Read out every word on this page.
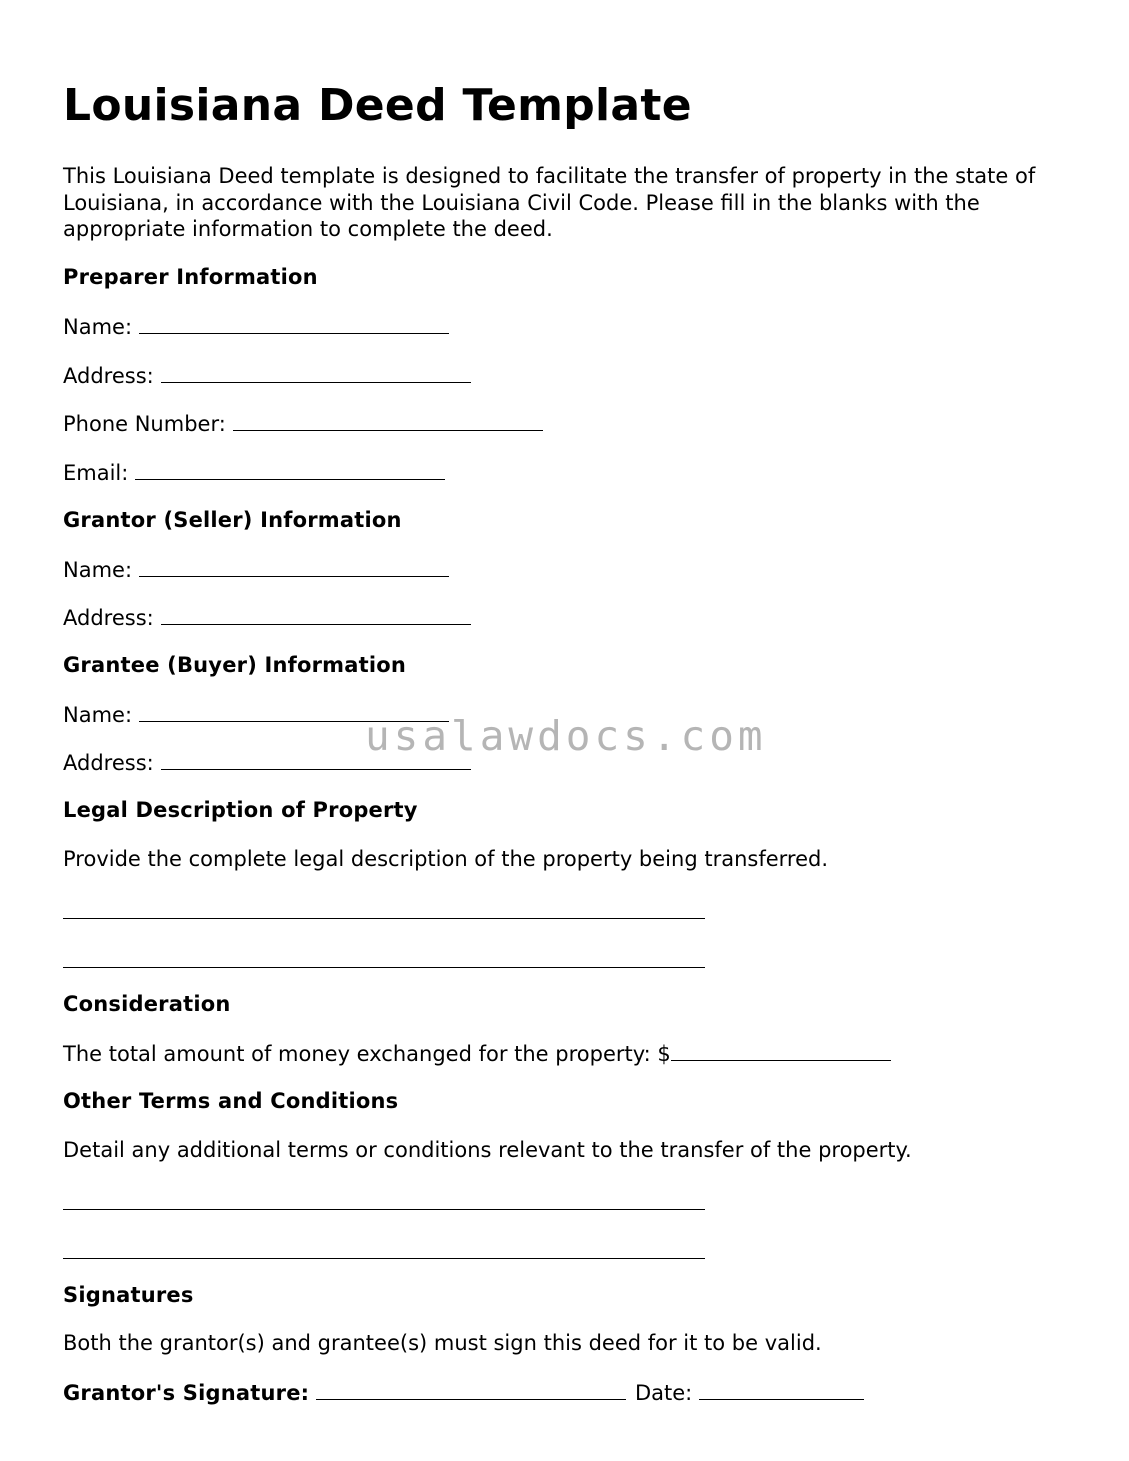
Louisiana Deed Template

This Louisiana Deed template is designed to facilitate the transfer of property in the state of Louisiana, in accordance with the Louisiana Civil Code. Please fill in the blanks with the appropriate information to complete the deed.

Preparer Information
Name:
Address:
Phone Number:
Email:
Grantor (Seller) Information
Name:
Address:
Grantee (Buyer) Information
Name:
Address:
Legal Description of Property
Provide the complete legal description of the property being transferred.
Consideration
The total amount of money exchanged for the property: $
Other Terms and Conditions
Detail any additional terms or conditions relevant to the transfer of the property.
Signatures
Both the grantor(s) and grantee(s) must sign this deed for it to be valid.
Grantor's Signature:	Date:
usalawdocs.com
